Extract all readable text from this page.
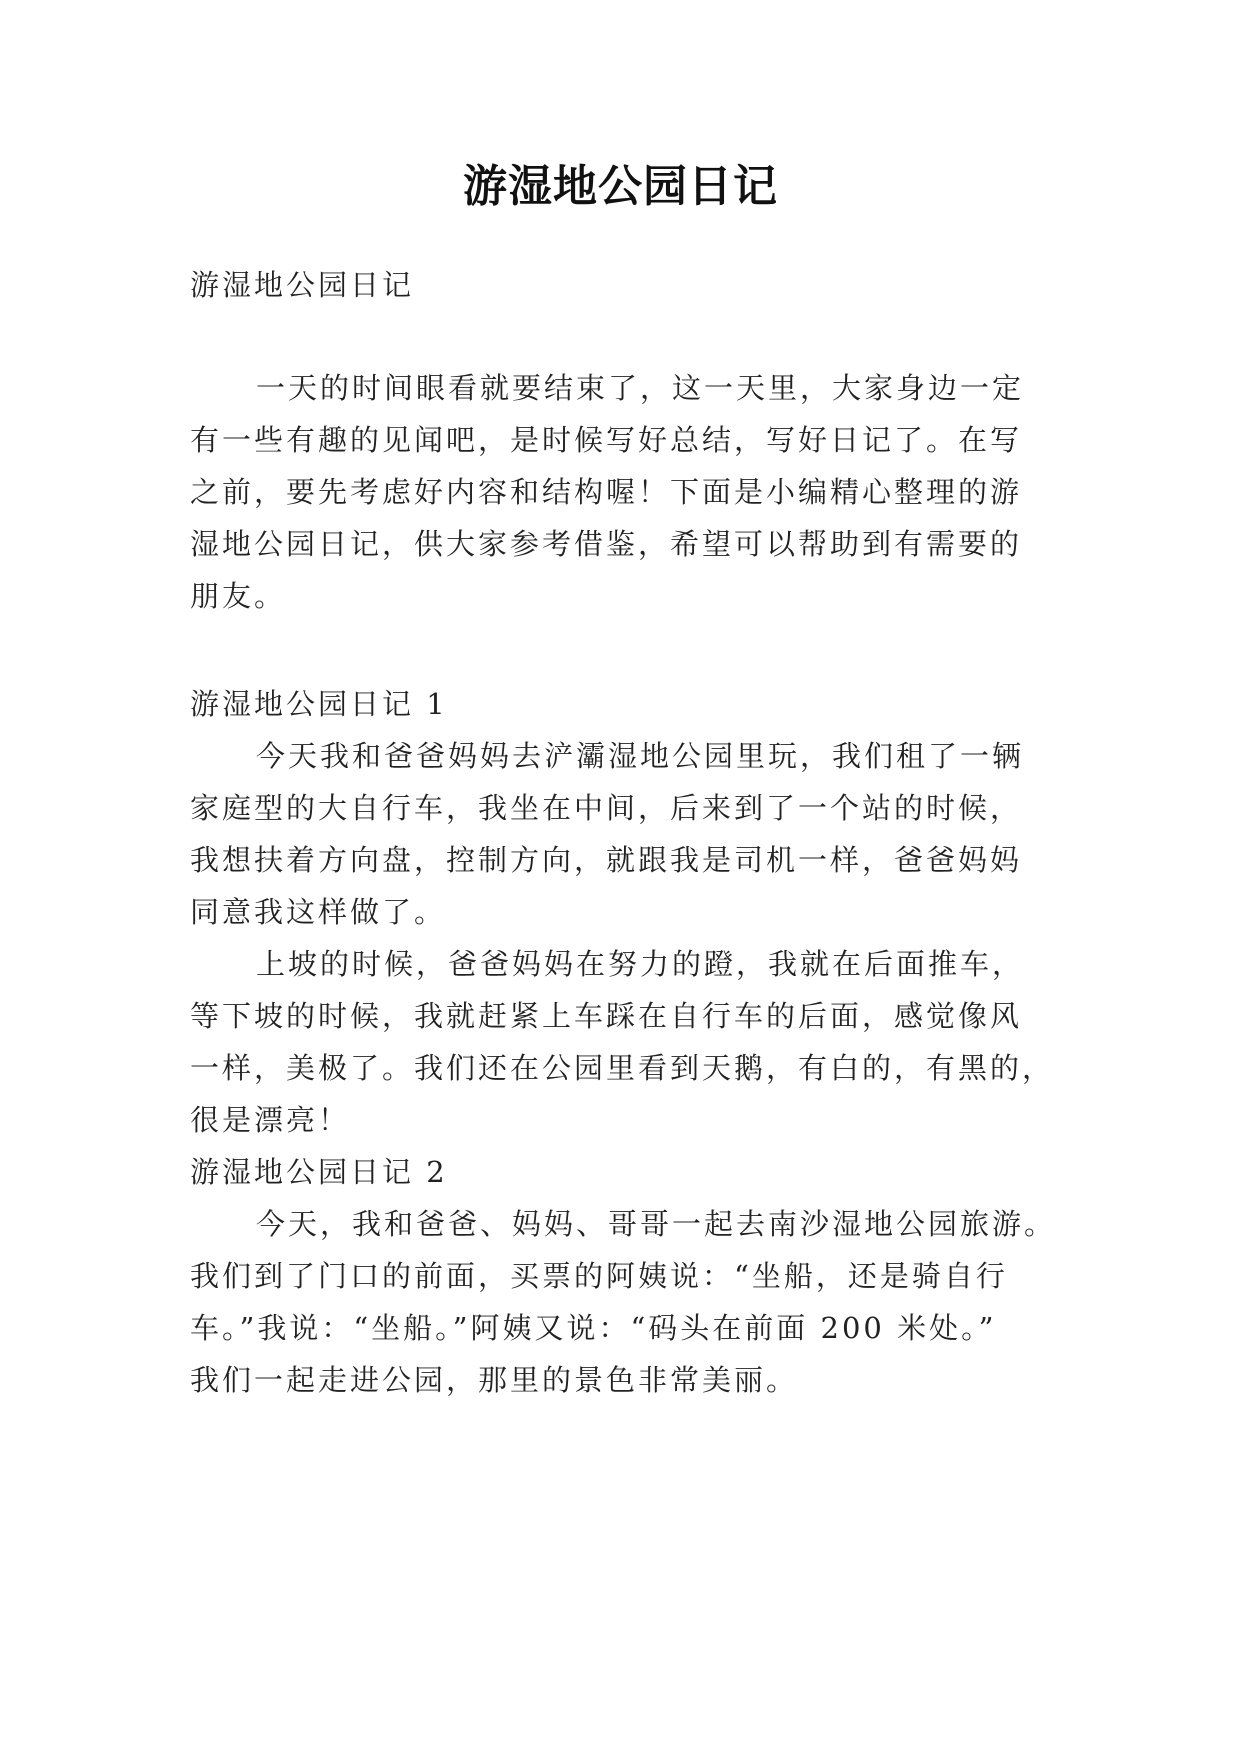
游湿地公园日记
游湿地公园日记
一天的时间眼看就要结束了，这一天里，大家身边一定
有一些有趣的见闻吧，是时候写好总结，写好日记了。在写
之前，要先考虑好内容和结构喔！下面是小编精心整理的游
湿地公园日记，供大家参考借鉴，希望可以帮助到有需要的
朋友。
游湿地公园日记 1
今天我和爸爸妈妈去浐灞湿地公园里玩，我们租了一辆
家庭型的大自行车，我坐在中间，后来到了一个站的时候，
我想扶着方向盘，控制方向，就跟我是司机一样，爸爸妈妈
同意我这样做了。
上坡的时候，爸爸妈妈在努力的蹬，我就在后面推车，
等下坡的时候，我就赶紧上车踩在自行车的后面，感觉像风
一样，美极了。我们还在公园里看到天鹅，有白的，有黑的，
很是漂亮！
游湿地公园日记 2
今天，我和爸爸、妈妈、哥哥一起去南沙湿地公园旅游。
我们到了门口的前面，买票的阿姨说：“坐船，还是骑自行
车。”我说：“坐船。”阿姨又说：“码头在前面 200 米处。”
我们一起走进公园，那里的景色非常美丽。
